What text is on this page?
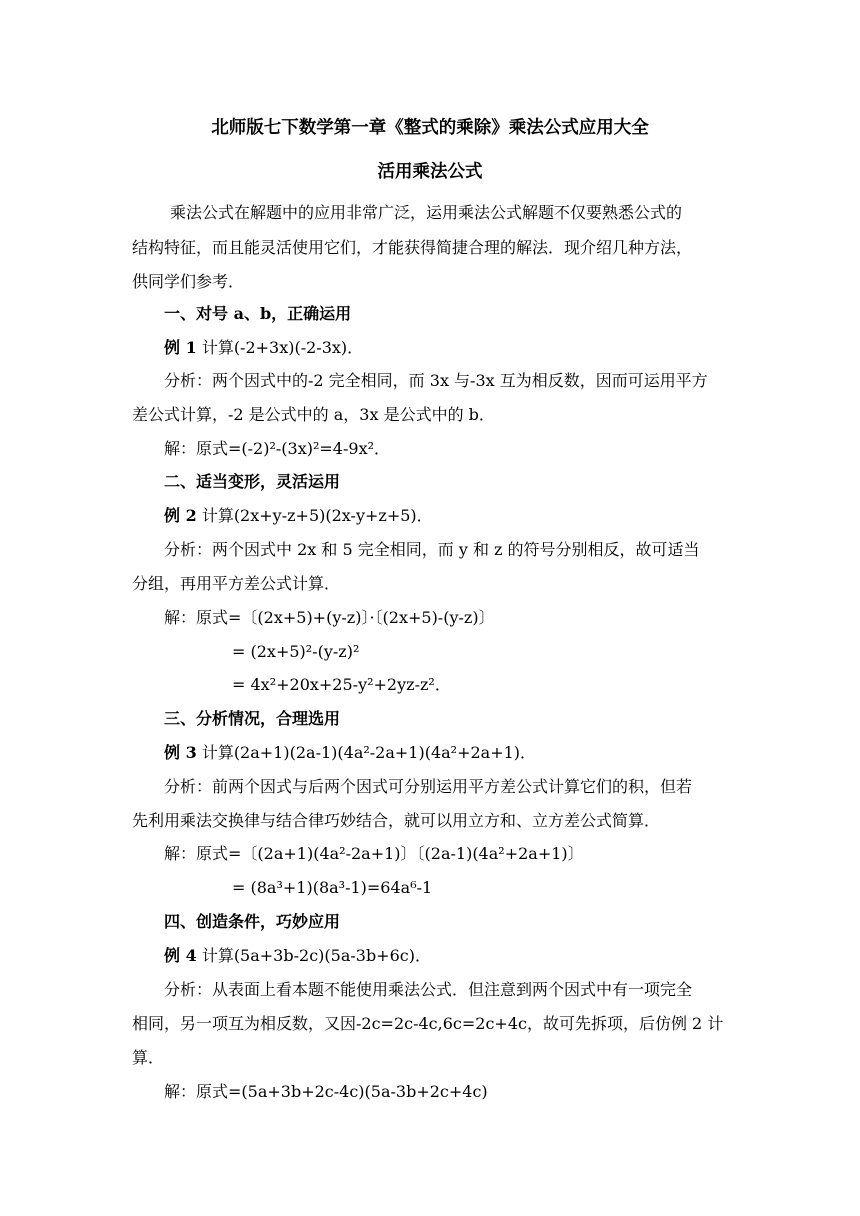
北师版七下数学第一章《整式的乘除》乘法公式应用大全
活用乘法公式
乘法公式在解题中的应用非常广泛，运用乘法公式解题不仅要熟悉公式的
结构特征，而且能灵活使用它们，才能获得简捷合理的解法．现介绍几种方法，
供同学们参考．
一、对号 a、b，正确运用
例 1 计算(-2+3x)(-2-3x)．
分析：两个因式中的-2 完全相同，而 3x 与-3x 互为相反数，因而可运用平方
差公式计算，-2 是公式中的 a，3x 是公式中的 b．
解：原式=(-2)²-(3x)²=4-9x²．
二、适当变形，灵活运用
例 2 计算(2x+y-z+5)(2x-y+z+5)．
分析：两个因式中 2x 和 5 完全相同，而 y 和 z 的符号分别相反，故可适当
分组，再用平方差公式计算．
解：原式=〔(2x+5)+(y-z)〕·〔(2x+5)-(y-z)〕
= (2x+5)²-(y-z)²
= 4x²+20x+25-y²+2yz-z²．
三、分析情况，合理选用
例 3 计算(2a+1)(2a-1)(4a²-2a+1)(4a²+2a+1)．
分析：前两个因式与后两个因式可分别运用平方差公式计算它们的积，但若
先利用乘法交换律与结合律巧妙结合，就可以用立方和、立方差公式简算．
解：原式=〔(2a+1)(4a²-2a+1)〕〔(2a-1)(4a²+2a+1)〕
= (8a³+1)(8a³-1)=64a⁶-1
四、创造条件，巧妙应用
例 4 计算(5a+3b-2c)(5a-3b+6c)．
分析：从表面上看本题不能使用乘法公式．但注意到两个因式中有一项完全
相同，另一项互为相反数，又因-2c=2c-4c,6c=2c+4c，故可先拆项，后仿例 2 计
算．
解：原式=(5a+3b+2c-4c)(5a-3b+2c+4c)
